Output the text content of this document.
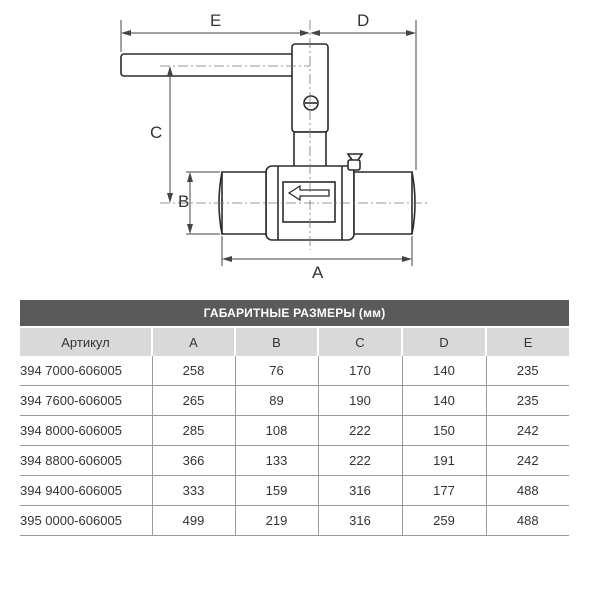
E	D
C
B
A
ГАБАРИТНЫЕ РАЗМЕРЫ (мм)					
Артикул	A	B	C	D	E
394 7000-606005	258	76	170	140	235
394 7600-606005	265	89	190	140	235
394 8000-606005	285	108	222	150	242
394 8800-606005	366	133	222	191	242
394 9400-606005	333	159	316	177	488
395 0000-606005	499	219	316	259	488
